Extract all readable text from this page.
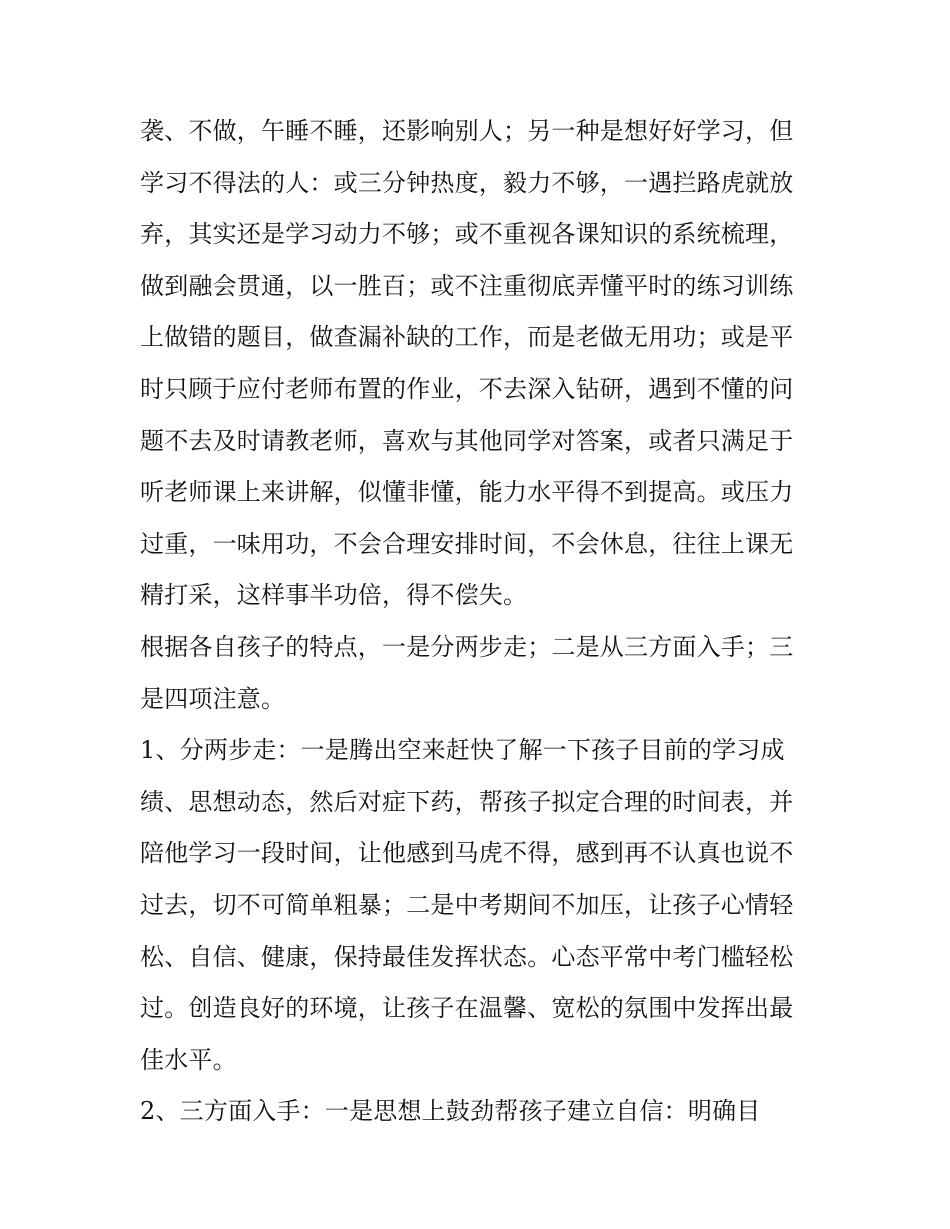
袭、不做，午睡不睡，还影响别人；另一种是想好好学习，但
学习不得法的人：或三分钟热度，毅力不够，一遇拦路虎就放
弃，其实还是学习动力不够；或不重视各课知识的系统梳理，
做到融会贯通，以一胜百；或不注重彻底弄懂平时的练习训练
上做错的题目，做查漏补缺的工作，而是老做无用功；或是平
时只顾于应付老师布置的作业，不去深入钻研，遇到不懂的问
题不去及时请教老师，喜欢与其他同学对答案，或者只满足于
听老师课上来讲解，似懂非懂，能力水平得不到提高。或压力
过重，一味用功，不会合理安排时间，不会休息，往往上课无
精打采，这样事半功倍，得不偿失。
根据各自孩子的特点，一是分两步走；二是从三方面入手；三
是四项注意。
1、分两步走：一是腾出空来赶快了解一下孩子目前的学习成
绩、思想动态，然后对症下药，帮孩子拟定合理的时间表，并
陪他学习一段时间，让他感到马虎不得，感到再不认真也说不
过去，切不可简单粗暴；二是中考期间不加压，让孩子心情轻
松、自信、健康，保持最佳发挥状态。心态平常中考门槛轻松
过。创造良好的环境，让孩子在温馨、宽松的氛围中发挥出最
佳水平。
2、三方面入手：一是思想上鼓劲帮孩子建立自信：明确目
